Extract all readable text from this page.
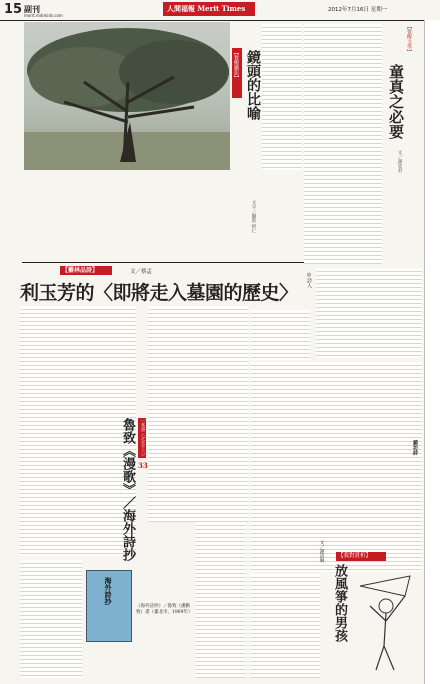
15 副刊
merit.mdnkids.com
人間福報 Merit Times	2012年7月16日 星期一
【覺醒攝影】 鏡頭的比喻
文字／攝影 阿仁
【覺醒文學】
童真之必要
文／謝宜君
【藝林品詩】	文／蔡孟
利玉芳的〈即將走入墓園的歷史〉
◎詩人
一本書（之五十三）
33
魯致《漫歌》／海外詩抄
海外詩抄
《海外詩抄》／魯致（潘勤致）書（臺北市，1969年）
【我對賞析】
放風箏的男孩
文／謝詩琳
鎮坊詩
